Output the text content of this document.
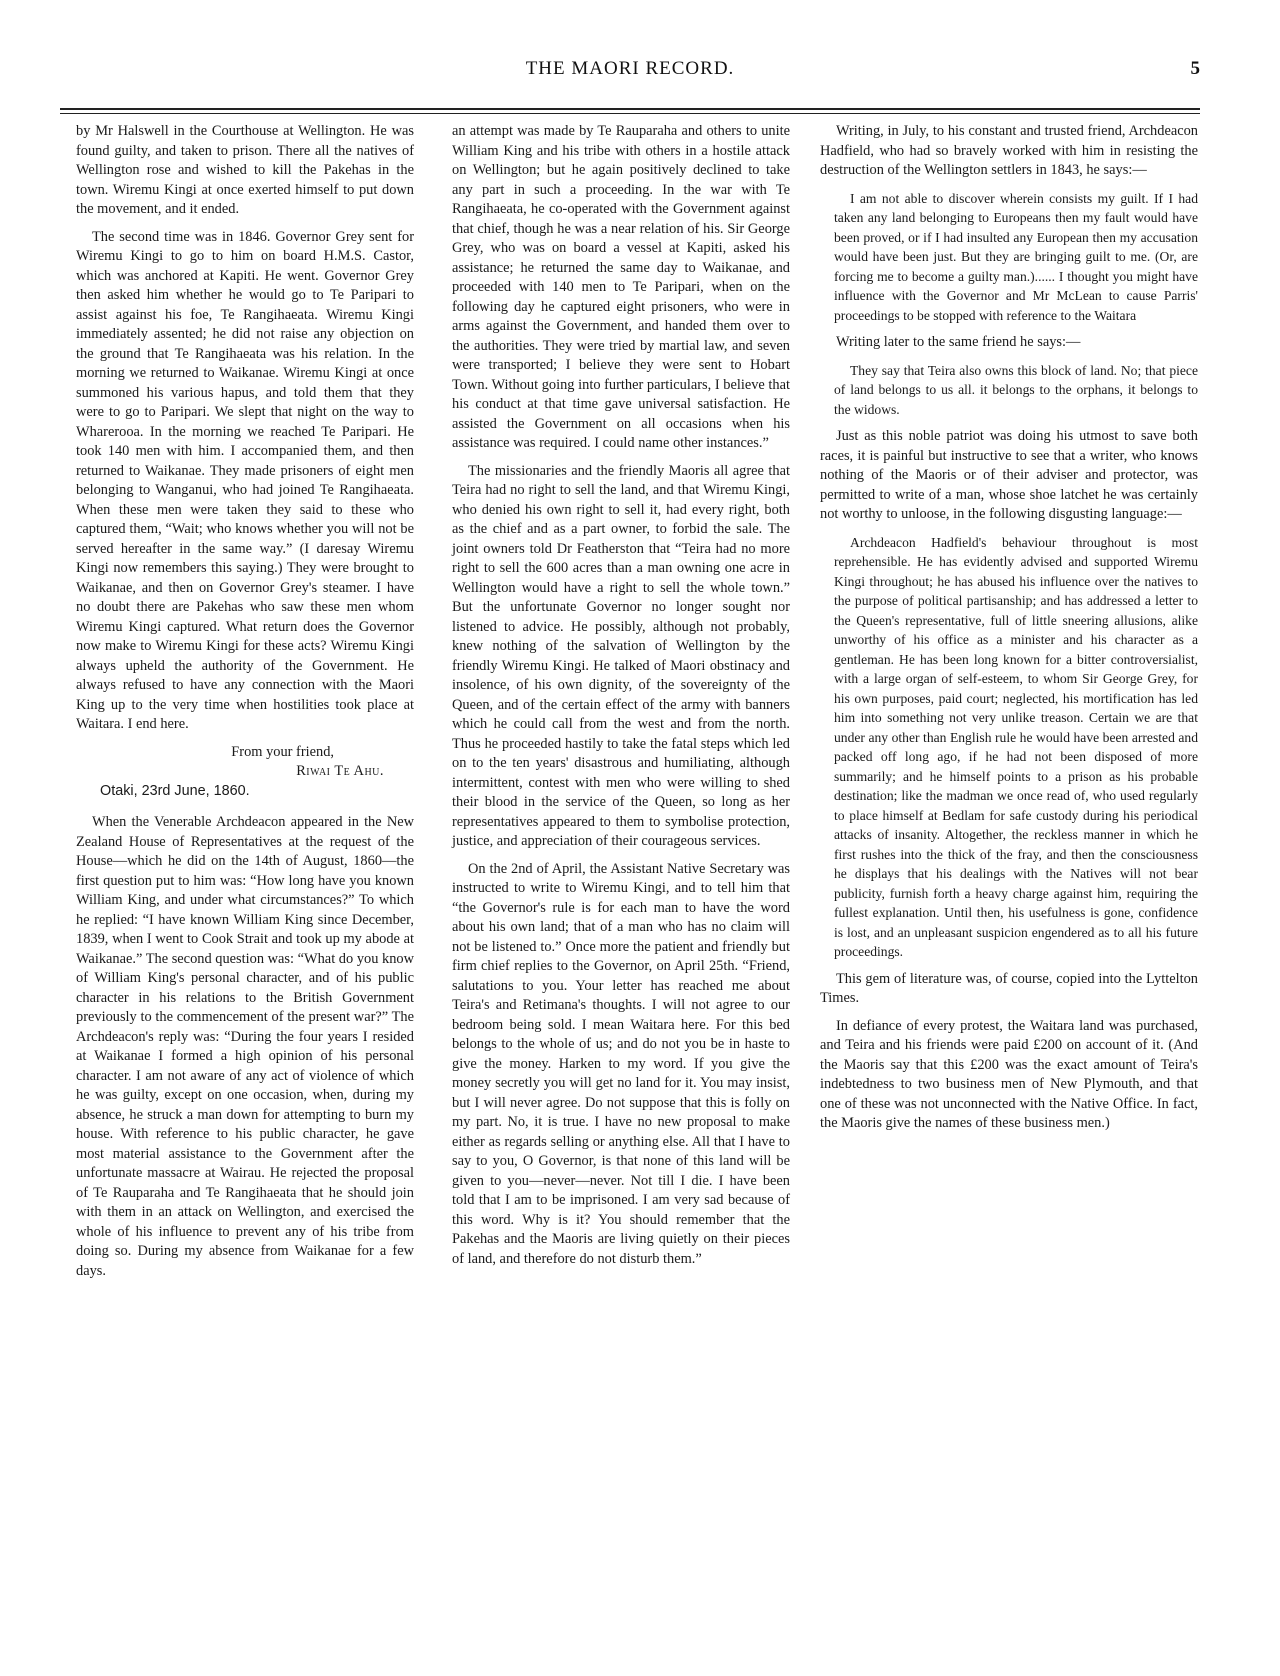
THE MAORI RECORD.	5

by Mr Halswell in the Courthouse at Wellington. He was found guilty, and taken to prison. There all the natives of Wellington rose and wished to kill the Pakehas in the town. Wiremu Kingi at once exerted himself to put down the movement, and it ended.

The second time was in 1846. Governor Grey sent for Wiremu Kingi to go to him on board H.M.S. Castor, which was anchored at Kapiti. He went. Governor Grey then asked him whether he would go to Te Paripari to assist against his foe, Te Rangihaeata. Wiremu Kingi immediately assented; he did not raise any objection on the ground that Te Rangihaeata was his relation. In the morning we returned to Waikanae. Wiremu Kingi at once summoned his various hapus, and told them that they were to go to Paripari. We slept that night on the way to Wharerooa. In the morning we reached Te Paripari. He took 140 men with him. I accompanied them, and then returned to Waikanae. They made prisoners of eight men belonging to Wanganui, who had joined Te Rangihaeata. When these men were taken they said to these who captured them, “Wait; who knows whether you will not be served hereafter in the same way.” (I daresay Wiremu Kingi now remembers this saying.) They were brought to Waikanae, and then on Governor Grey's steamer. I have no doubt there are Pakehas who saw these men whom Wiremu Kingi captured. What return does the Governor now make to Wiremu Kingi for these acts? Wiremu Kingi always upheld the authority of the Government. He always refused to have any connection with the Maori King up to the very time when hostilities took place at Waitara. I end here.

From your friend,

Riwai Te Ahu.

Otaki, 23rd June, 1860.

When the Venerable Archdeacon appeared in the New Zealand House of Representatives at the request of the House—which he did on the 14th of August, 1860—the first question put to him was: “How long have you known William King, and under what circumstances?” To which he replied: “I have known William King since December, 1839, when I went to Cook Strait and took up my abode at Waikanae.” The second question was: “What do you know of William King's personal character, and of his public character in his relations to the British Government previously to the commencement of the present war?” The Archdeacon's reply was: “During the four years I resided at Waikanae I formed a high opinion of his personal character. I am not aware of any act of violence of which he was guilty, except on one occasion, when, during my absence, he struck a man down for attempting to burn my house. With reference to his public character, he gave most material assistance to the Government after the unfortunate massacre at Wairau. He rejected the proposal of Te Rauparaha and Te Rangihaeata that he should join with them in an attack on Wellington, and exercised the whole of his influence to prevent any of his tribe from doing so. During my absence from Waikanae for a few days.

an attempt was made by Te Rauparaha and others to unite William King and his tribe with others in a hostile attack on Wellington; but he again positively declined to take any part in such a proceeding. In the war with Te Rangihaeata, he co-operated with the Government against that chief, though he was a near relation of his. Sir George Grey, who was on board a vessel at Kapiti, asked his assistance; he returned the same day to Waikanae, and proceeded with 140 men to Te Paripari, when on the following day he captured eight prisoners, who were in arms against the Government, and handed them over to the authorities. They were tried by martial law, and seven were transported; I believe they were sent to Hobart Town. Without going into further particulars, I believe that his conduct at that time gave universal satisfaction. He assisted the Government on all occasions when his assistance was required. I could name other instances.”

The missionaries and the friendly Maoris all agree that Teira had no right to sell the land, and that Wiremu Kingi, who denied his own right to sell it, had every right, both as the chief and as a part owner, to forbid the sale. The joint owners told Dr Featherston that “Teira had no more right to sell the 600 acres than a man owning one acre in Wellington would have a right to sell the whole town.” But the unfortunate Governor no longer sought nor listened to advice. He possibly, although not probably, knew nothing of the salvation of Wellington by the friendly Wiremu Kingi. He talked of Maori obstinacy and insolence, of his own dignity, of the sovereignty of the Queen, and of the certain effect of the army with banners which he could call from the west and from the north. Thus he proceeded hastily to take the fatal steps which led on to the ten years' disastrous and humiliating, although intermittent, contest with men who were willing to shed their blood in the service of the Queen, so long as her representatives appeared to them to symbolise protection, justice, and appreciation of their courageous services.

On the 2nd of April, the Assistant Native Secretary was instructed to write to Wiremu Kingi, and to tell him that “the Governor's rule is for each man to have the word about his own land; that of a man who has no claim will not be listened to.” Once more the patient and friendly but firm chief replies to the Governor, on April 25th. “Friend, salutations to you. Your letter has reached me about Teira's and Retimana's thoughts. I will not agree to our bedroom being sold. I mean Waitara here. For this bed belongs to the whole of us; and do not you be in haste to give the money. Harken to my word. If you give the money secretly you will get no land for it. You may insist, but I will never agree. Do not suppose that this is folly on my part. No, it is true. I have no new proposal to make either as regards selling or anything else. All that I have to say to you, O Governor, is that none of this land will be given to you—never—never. Not till I die. I have been told that I am to be imprisoned. I am very sad because of this word. Why is it? You should remember that the Pakehas and the Maoris are living quietly on their pieces of land, and therefore do not disturb them.”

Writing, in July, to his constant and trusted friend, Archdeacon Hadfield, who had so bravely worked with him in resisting the destruction of the Wellington settlers in 1843, he says:—

I am not able to discover wherein consists my guilt. If I had taken any land belonging to Europeans then my fault would have been proved, or if I had insulted any European then my accusation would have been just. But they are bringing guilt to me. (Or, are forcing me to become a guilty man.)...... I thought you might have influence with the Governor and Mr McLean to cause Parris' proceedings to be stopped with reference to the Waitara

Writing later to the same friend he says:—

They say that Teira also owns this block of land. No; that piece of land belongs to us all. it belongs to the orphans, it belongs to the widows.

Just as this noble patriot was doing his utmost to save both races, it is painful but instructive to see that a writer, who knows nothing of the Maoris or of their adviser and protector, was permitted to write of a man, whose shoe latchet he was certainly not worthy to unloose, in the following disgusting language:—

Archdeacon Hadfield's behaviour throughout is most reprehensible. He has evidently advised and supported Wiremu Kingi throughout; he has abused his influence over the natives to the purpose of political partisanship; and has addressed a letter to the Queen's representative, full of little sneering allusions, alike unworthy of his office as a minister and his character as a gentleman. He has been long known for a bitter controversialist, with a large organ of self-esteem, to whom Sir George Grey, for his own purposes, paid court; neglected, his mortification has led him into something not very unlike treason. Certain we are that under any other than English rule he would have been arrested and packed off long ago, if he had not been disposed of more summarily; and he himself points to a prison as his probable destination; like the madman we once read of, who used regularly to place himself at Bedlam for safe custody during his periodical attacks of insanity. Altogether, the reckless manner in which he first rushes into the thick of the fray, and then the consciousness he displays that his dealings with the Natives will not bear publicity, furnish forth a heavy charge against him, requiring the fullest explanation. Until then, his usefulness is gone, confidence is lost, and an unpleasant suspicion engendered as to all his future proceedings.

This gem of literature was, of course, copied into the Lyttelton Times.

In defiance of every protest, the Waitara land was purchased, and Teira and his friends were paid £200 on account of it. (And the Maoris say that this £200 was the exact amount of Teira's indebtedness to two business men of New Plymouth, and that one of these was not unconnected with the Native Office. In fact, the Maoris give the names of these business men.)
